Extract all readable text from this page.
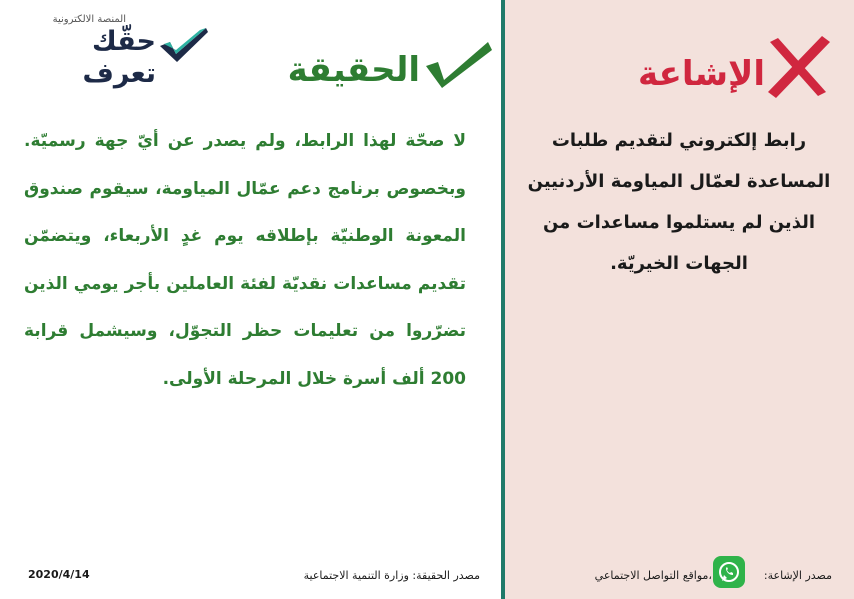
المنصة الالكترونية
حقّك تعرف	الحقيقة	الإشاعة
لا صحّة لهذا الرابط، ولم يصدر عن أيّ جهة رسميّة. وبخصوص برنامج دعم عمّال المياومة، سيقوم صندوق المعونة الوطنيّة بإطلاقه يوم غدٍ الأربعاء، ويتضمّن تقديم مساعدات نقديّة لفئة العاملين بأجر يومي الذين تضرّروا من تعليمات حظر التجوّل، وسيشمل قرابة 200 ألف أسرة خلال المرحلة الأولى.
رابط إلكتروني لتقديم طلبات المساعدة لعمّال المياومة الأردنيين الذين لم يستلموا مساعدات من الجهات الخيريّة.
2020/4/14	مصدر الحقيقة: وزارة التنمية الاجتماعية	مصدر الإشاعة:
،مواقع التواصل الاجتماعي
